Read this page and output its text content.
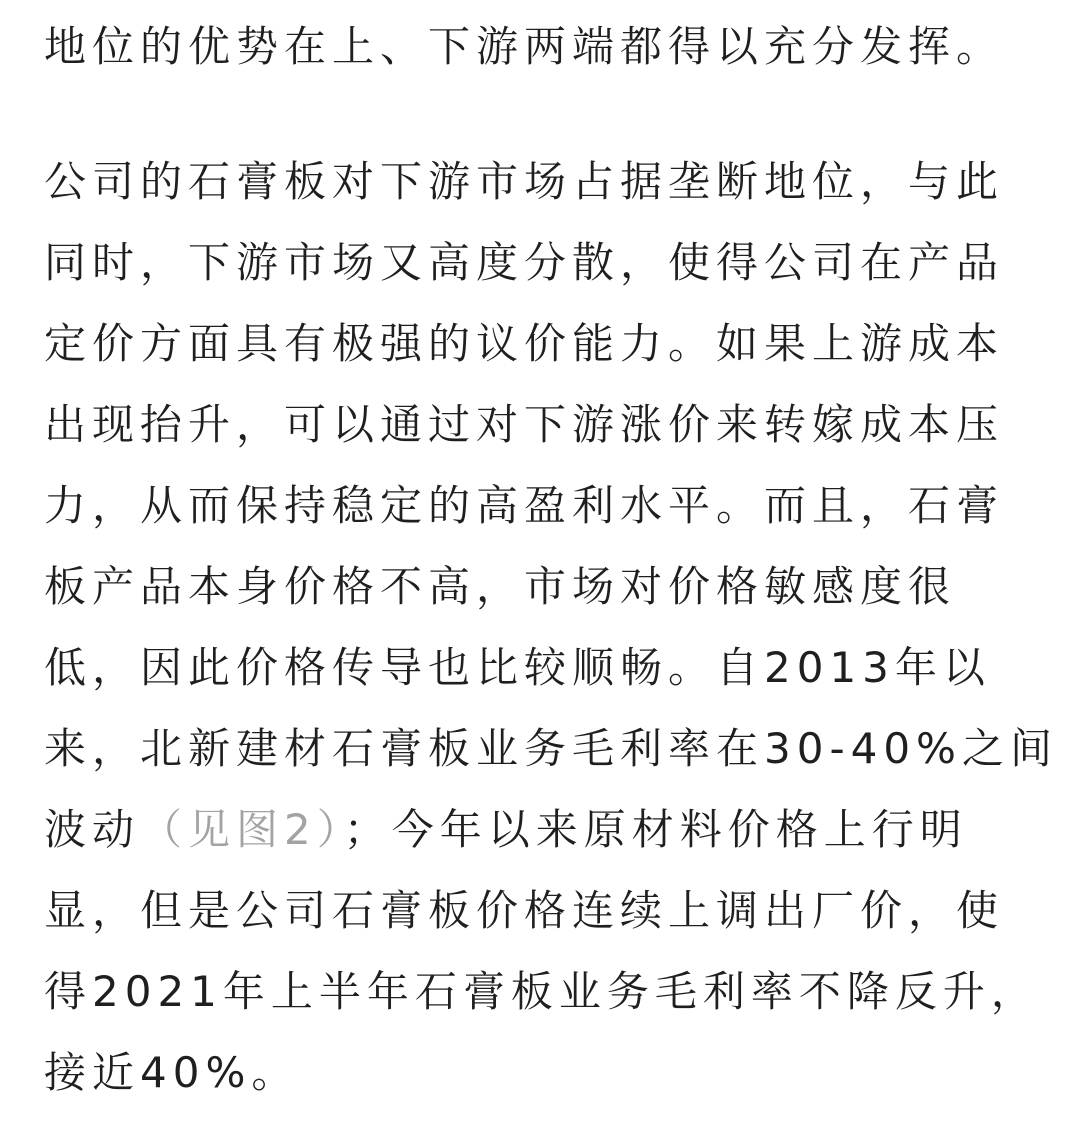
地位的优势在上、下游两端都得以充分发挥。
公司的石膏板对下游市场占据垄断地位，与此
同时，下游市场又高度分散，使得公司在产品
定价方面具有极强的议价能力。如果上游成本
出现抬升，可以通过对下游涨价来转嫁成本压
力，从而保持稳定的高盈利水平。而且，石膏
板产品本身价格不高，市场对价格敏感度很
低，因此价格传导也比较顺畅。自2013年以
来，北新建材石膏板业务毛利率在30-40%之间
波动（见图2）；今年以来原材料价格上行明
显，但是公司石膏板价格连续上调出厂价，使
得2021年上半年石膏板业务毛利率不降反升，
接近40%。
